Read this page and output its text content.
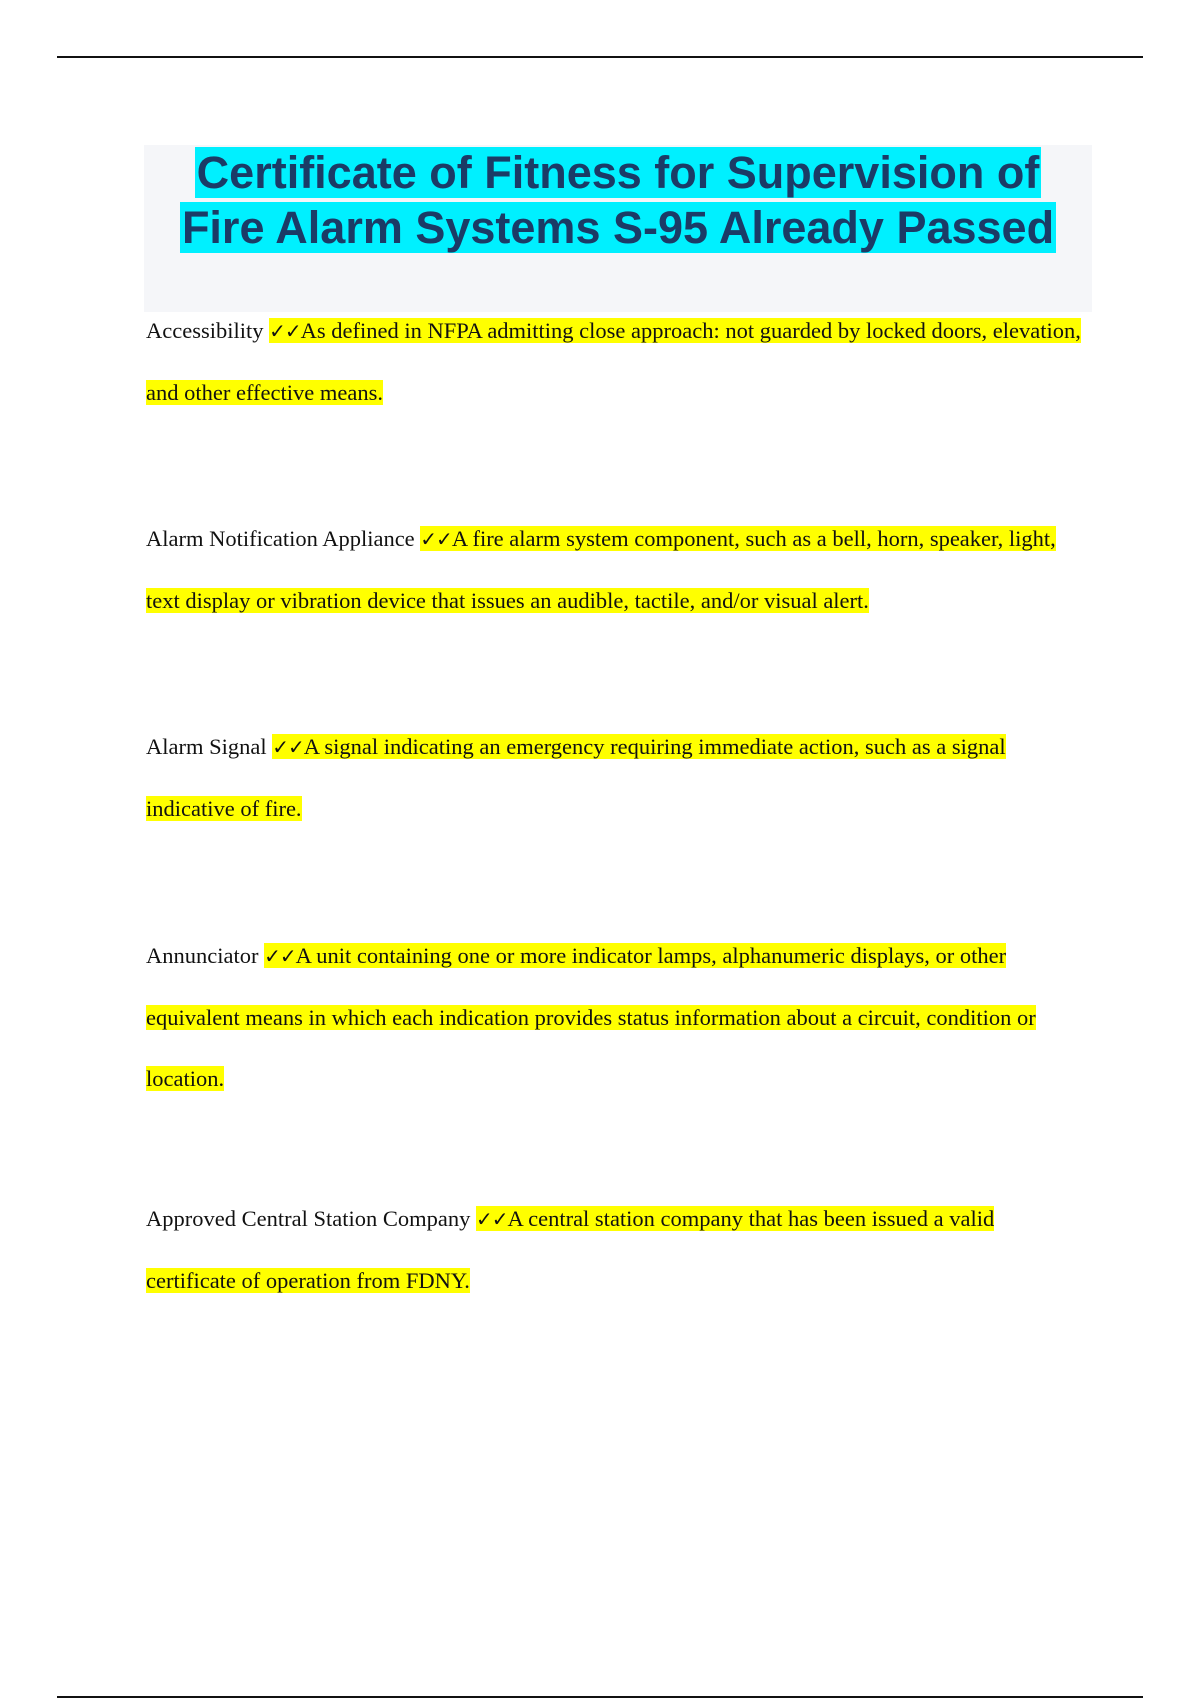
Certificate of Fitness for Supervision of
Fire Alarm Systems S-95 Already Passed

Accessibility ✓✓As defined in NFPA admitting close approach: not guarded by locked doors, elevation, and other effective means.

Alarm Notification Appliance ✓✓A fire alarm system component, such as a bell, horn, speaker, light, text display or vibration device that issues an audible, tactile, and/or visual alert.

Alarm Signal ✓✓A signal indicating an emergency requiring immediate action, such as a signal indicative of fire.

Annunciator ✓✓A unit containing one or more indicator lamps, alphanumeric displays, or other equivalent means in which each indication provides status information about a circuit, condition or location.

Approved Central Station Company ✓✓A central station company that has been issued a valid certificate of operation from FDNY.
